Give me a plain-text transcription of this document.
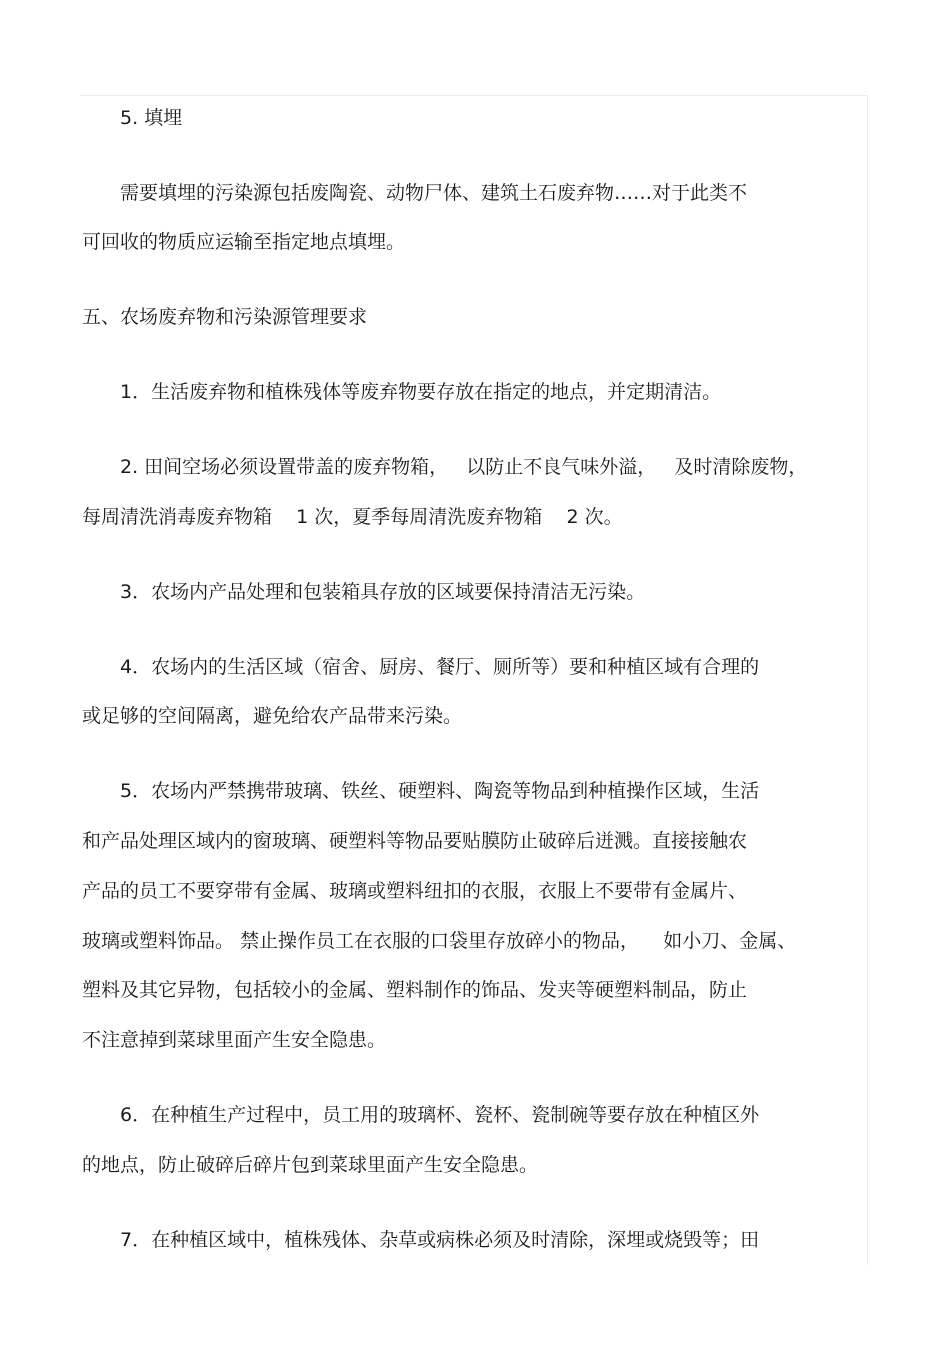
5. 填埋

需要填埋的污染源包括废陶瓷、动物尸体、建筑土石废弃物……对于此类不

可回收的物质应运输至指定地点填埋。

五、农场废弃物和污染源管理要求

1．生活废弃物和植株残体等废弃物要存放在指定的地点，并定期清洁。

2. 田间空场必须设置带盖的废弃物箱，   以防止不良气味外溢，   及时清除废物，

每周清洗消毒废弃物箱    1 次，夏季每周清洗废弃物箱    2 次。

3．农场内产品处理和包装箱具存放的区域要保持清洁无污染。

4．农场内的生活区域（宿舍、厨房、餐厅、厕所等）要和种植区域有合理的

或足够的空间隔离，避免给农产品带来污染。

5．农场内严禁携带玻璃、铁丝、硬塑料、陶瓷等物品到种植操作区域，生活

和产品处理区域内的窗玻璃、硬塑料等物品要贴膜防止破碎后迸溅。直接接触农

产品的员工不要穿带有金属、玻璃或塑料纽扣的衣服，衣服上不要带有金属片、

玻璃或塑料饰品。 禁止操作员工在衣服的口袋里存放碎小的物品，    如小刀、金属、

塑料及其它异物，包括较小的金属、塑料制作的饰品、发夹等硬塑料制品，防止

不注意掉到菜球里面产生安全隐患。

6．在种植生产过程中，员工用的玻璃杯、瓷杯、瓷制碗等要存放在种植区外

的地点，防止破碎后碎片包到菜球里面产生安全隐患。

7．在种植区域中，植株残体、杂草或病株必须及时清除，深埋或烧毁等；田
